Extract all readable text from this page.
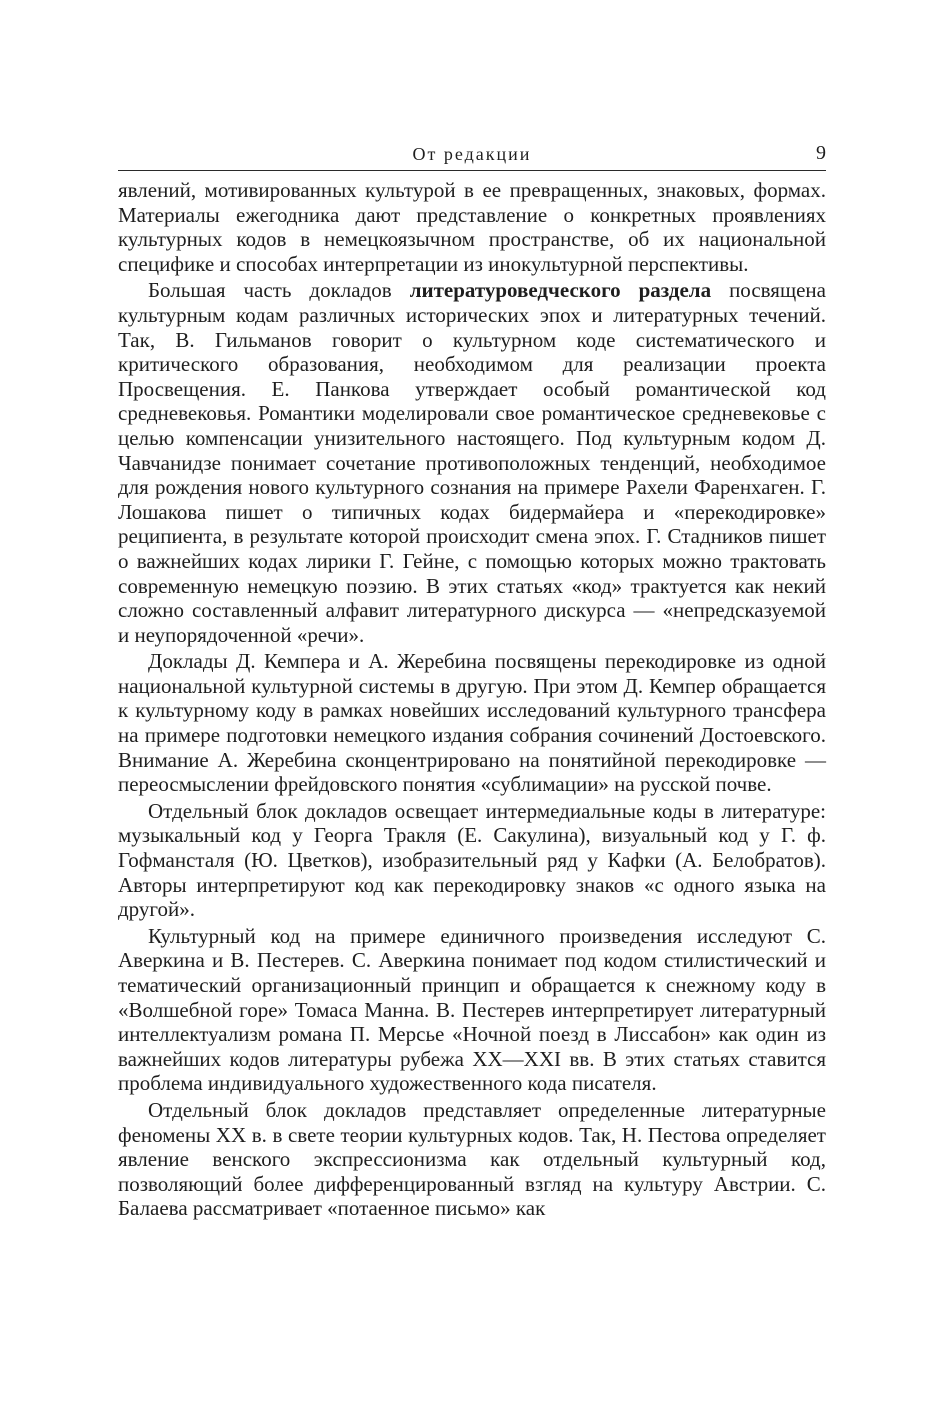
От редакции	9

явлений, мотивированных культурой в ее превращенных, знаковых, формах. Материалы ежегодника дают представление о конкретных проявлениях культурных кодов в немецкоязычном пространстве, об их национальной специфике и способах интерпретации из инокультурной перспективы.

Большая часть докладов литературоведческого раздела посвящена культурным кодам различных исторических эпох и литературных течений. Так, В. Гильманов говорит о культурном коде систематического и критического образования, необходимом для реализации проекта Просвещения. Е. Панкова утверждает особый романтической код средневековья. Романтики моделировали свое романтическое средневековье с целью компенсации унизительного настоящего. Под культурным кодом Д. Чавчанидзе понимает сочетание противоположных тенденций, необходимое для рождения нового культурного сознания на примере Рахели Фаренхаген. Г. Лошакова пишет о типичных кодах бидермайера и «перекодировке» реципиента, в результате которой происходит смена эпох. Г. Стадников пишет о важнейших кодах лирики Г. Гейне, с помощью которых можно трактовать современную немецкую поэзию. В этих статьях «код» трактуется как некий сложно составленный алфавит литературного дискурса — «непредсказуемой и неупорядоченной «речи».

Доклады Д. Кемпера и А. Жеребина посвящены перекодировке из одной национальной культурной системы в другую. При этом Д. Кемпер обращается к культурному коду в рамках новейших исследований культурного трансфера на примере подготовки немецкого издания собрания сочинений Достоевского. Внимание А. Жеребина сконцентрировано на понятийной перекодировке — переосмыслении фрейдовского понятия «сублимации» на русской почве.

Отдельный блок докладов освещает интермедиальные коды в литературе: музыкальный код у Георга Тракля (Е. Сакулина), визуальный код у Г. ф. Гофмансталя (Ю. Цветков), изобразительный ряд у Кафки (А. Белобратов). Авторы интерпретируют код как перекодировку знаков «с одного языка на другой».

Культурный код на примере единичного произведения исследуют С. Аверкина и В. Пестерев. С. Аверкина понимает под кодом стилистический и тематический организационный принцип и обращается к снежному коду в «Волшебной горе» Томаса Манна. В. Пестерев интерпретирует литературный интеллектуализм романа П. Мерсье «Ночной поезд в Лиссабон» как один из важнейших кодов литературы рубежа XX—XXI вв. В этих статьях ставится проблема индивидуального художественного кода писателя.

Отдельный блок докладов представляет определенные литературные феномены XX в. в свете теории культурных кодов. Так, Н. Пестова определяет явление венского экспрессионизма как отдельный культурный код, позволяющий более дифференцированный взгляд на культуру Австрии. С. Балаева рассматривает «потаенное письмо» как
